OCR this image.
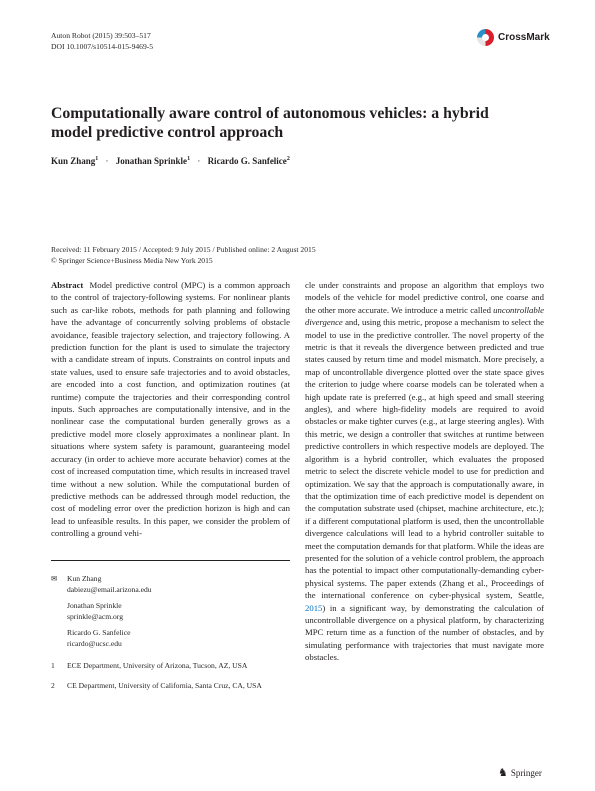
Auton Robot (2015) 39:503–517
DOI 10.1007/s10514-015-9469-5
CrossMark
Computationally aware control of autonomous vehicles: a hybrid model predictive control approach
Kun Zhang$^1$ · Jonathan Sprinkle$^1$ · Ricardo G. Sanfelice$^2$
Received: 11 February 2015 / Accepted: 9 July 2015 / Published online: 2 August 2015
© Springer Science+Business Media New York 2015

Abstract Model predictive control (MPC) is a common approach to the control of trajectory-following systems. For nonlinear plants such as car-like robots, methods for path planning and following have the advantage of concurrently solving problems of obstacle avoidance, feasible trajectory selection, and trajectory following. A prediction function for the plant is used to simulate the trajectory with a candidate stream of inputs. Constraints on control inputs and state values, used to ensure safe trajectories and to avoid obstacles, are encoded into a cost function, and optimization routines (at runtime) compute the trajectories and their corresponding control inputs. Such approaches are computationally intensive, and in the nonlinear case the computational burden generally grows as a predictive model more closely approximates a nonlinear plant. In situations where system safety is paramount, guaranteeing model accuracy (in order to achieve more accurate behavior) comes at the cost of increased computation time, which results in increased travel time without a new solution. While the computational burden of predictive methods can be addressed through model reduction, the cost of modeling error over the prediction horizon is high and can lead to unfeasible results. In this paper, we consider the problem of controlling a ground vehi-

cle under constraints and propose an algorithm that employs two models of the vehicle for model predictive control, one coarse and the other more accurate. We introduce a metric called uncontrollable divergence and, using this metric, propose a mechanism to select the model to use in the predictive controller. The novel property of the metric is that it reveals the divergence between predicted and true states caused by return time and model mismatch. More precisely, a map of uncontrollable divergence plotted over the state space gives the criterion to judge where coarse models can be tolerated when a high update rate is preferred (e.g., at high speed and small steering angles), and where high-fidelity models are required to avoid obstacles or make tighter curves (e.g., at large steering angles). With this metric, we design a controller that switches at runtime between predictive controllers in which respective models are deployed. The algorithm is a hybrid controller, which evaluates the proposed metric to select the discrete vehicle model to use for prediction and optimization. We say that the approach is computationally aware, in that the optimization time of each predictive model is dependent on the computation substrate used (chipset, machine architecture, etc.); if a different computational platform is used, then the uncontrollable divergence calculations will lead to a hybrid controller suitable to meet the computation demands for that platform. While the ideas are presented for the solution of a vehicle control problem, the approach has the potential to impact other computationally-demanding cyber-physical systems. The paper extends (Zhang et al., Proceedings of the international conference on cyber-physical system, Seattle, 2015) in a significant way, by demonstrating the calculation of uncontrollable divergence on a physical platform, by characterizing MPC return time as a function of the number of obstacles, and by simulating performance with trajectories that must navigate more obstacles.

✉	Kun Zhang
dabiezu@email.arizona.edu
Jonathan Sprinkle
sprinkle@acm.org
Ricardo G. Sanfelice
ricardo@ucsc.edu
1	ECE Department, University of Arizona, Tucson, AZ, USA
2	CE Department, University of California, Santa Cruz, CA, USA
♞ Springer
